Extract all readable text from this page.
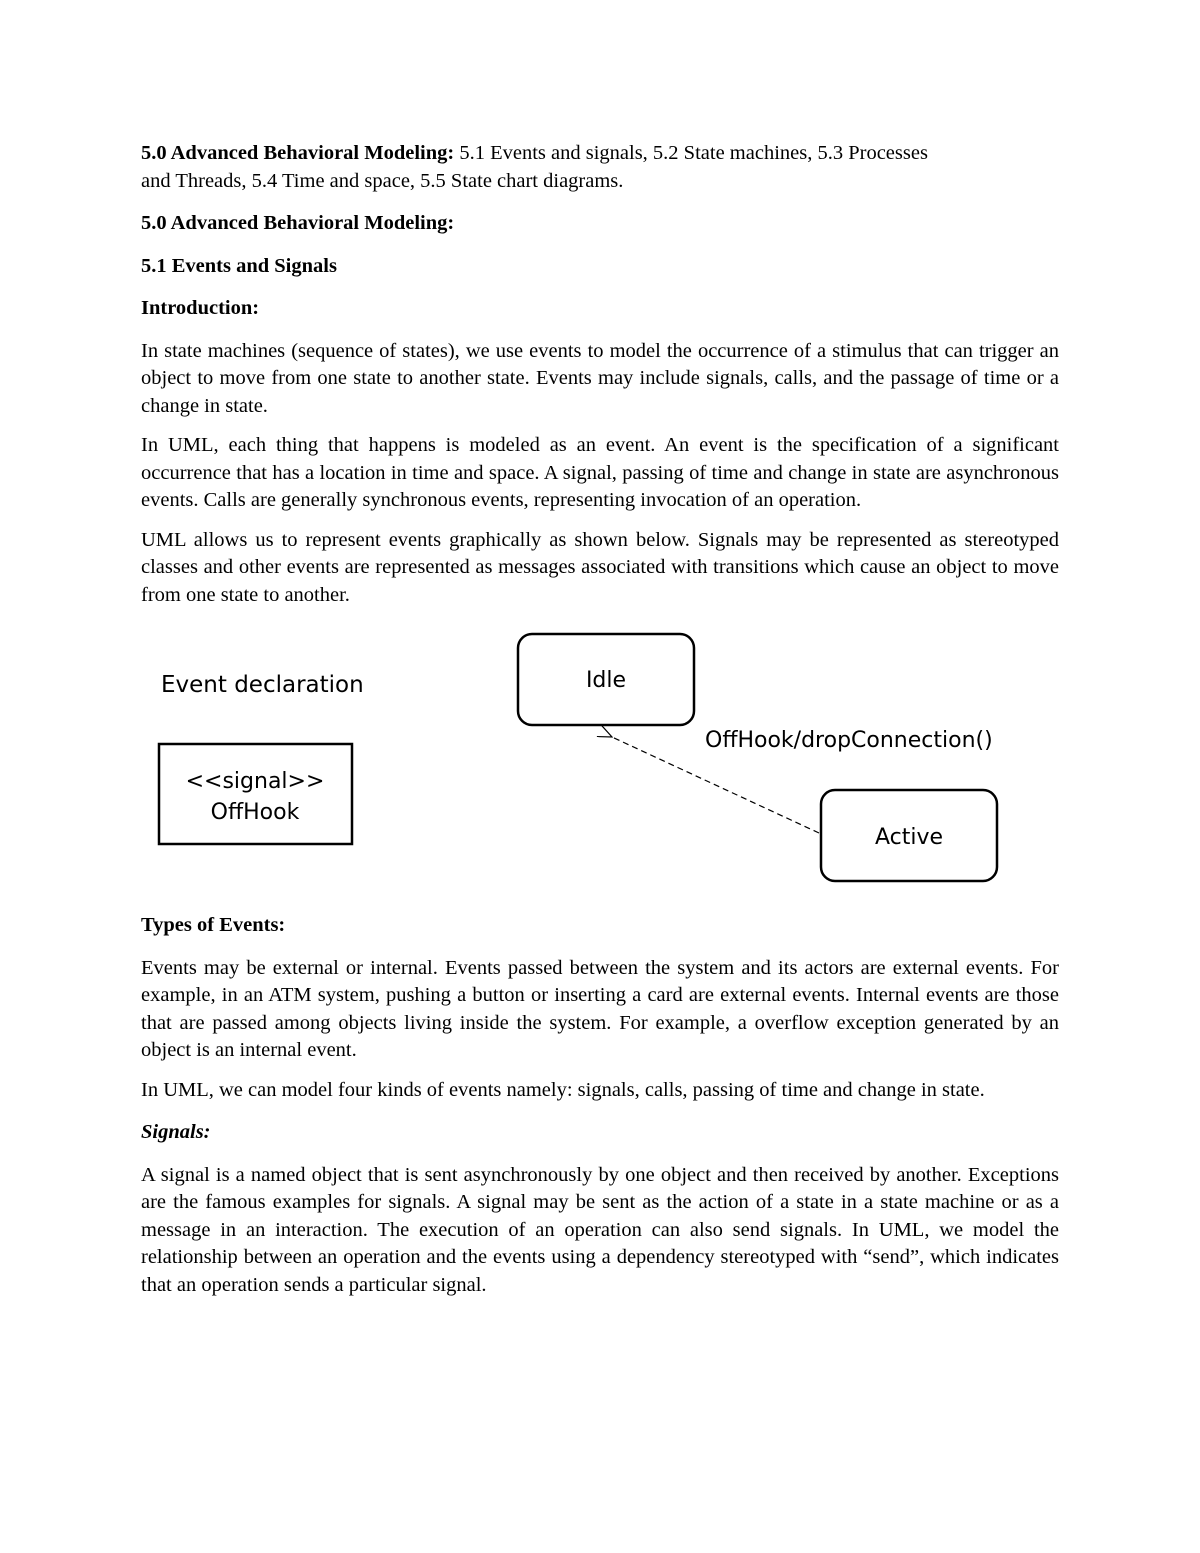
5.0 Advanced Behavioral Modeling: 5.1 Events and signals, 5.2 State machines, 5.3 Processes
and Threads, 5.4 Time and space, 5.5 State chart diagrams.

5.0 Advanced Behavioral Modeling:

5.1 Events and Signals

Introduction:

In state machines (sequence of states), we use events to model the occurrence of a stimulus that can trigger an object to move from one state to another state. Events may include signals, calls, and the passage of time or a change in state.

In UML, each thing that happens is modeled as an event. An event is the specification of a significant occurrence that has a location in time and space. A signal, passing of time and change in state are asynchronous events. Calls are generally synchronous events, representing invocation of an operation.

UML allows us to represent events graphically as shown below. Signals may be represented as stereotyped classes and other events are represented as messages associated with transitions which cause an object to move from one state to another.

Event declaration
<<signal>>
OffHook
Idle
Active
OffHook/dropConnection()

Types of Events:

Events may be external or internal. Events passed between the system and its actors are external events. For example, in an ATM system, pushing a button or inserting a card are external events. Internal events are those that are passed among objects living inside the system. For example, a overflow exception generated by an object is an internal event.

In UML, we can model four kinds of events namely: signals, calls, passing of time and change in state.

Signals:

A signal is a named object that is sent asynchronously by one object and then received by another. Exceptions are the famous examples for signals. A signal may be sent as the action of a state in a state machine or as a message in an interaction. The execution of an operation can also send signals. In UML, we model the relationship between an operation and the events using a dependency stereotyped with “send”, which indicates that an operation sends a particular signal.
